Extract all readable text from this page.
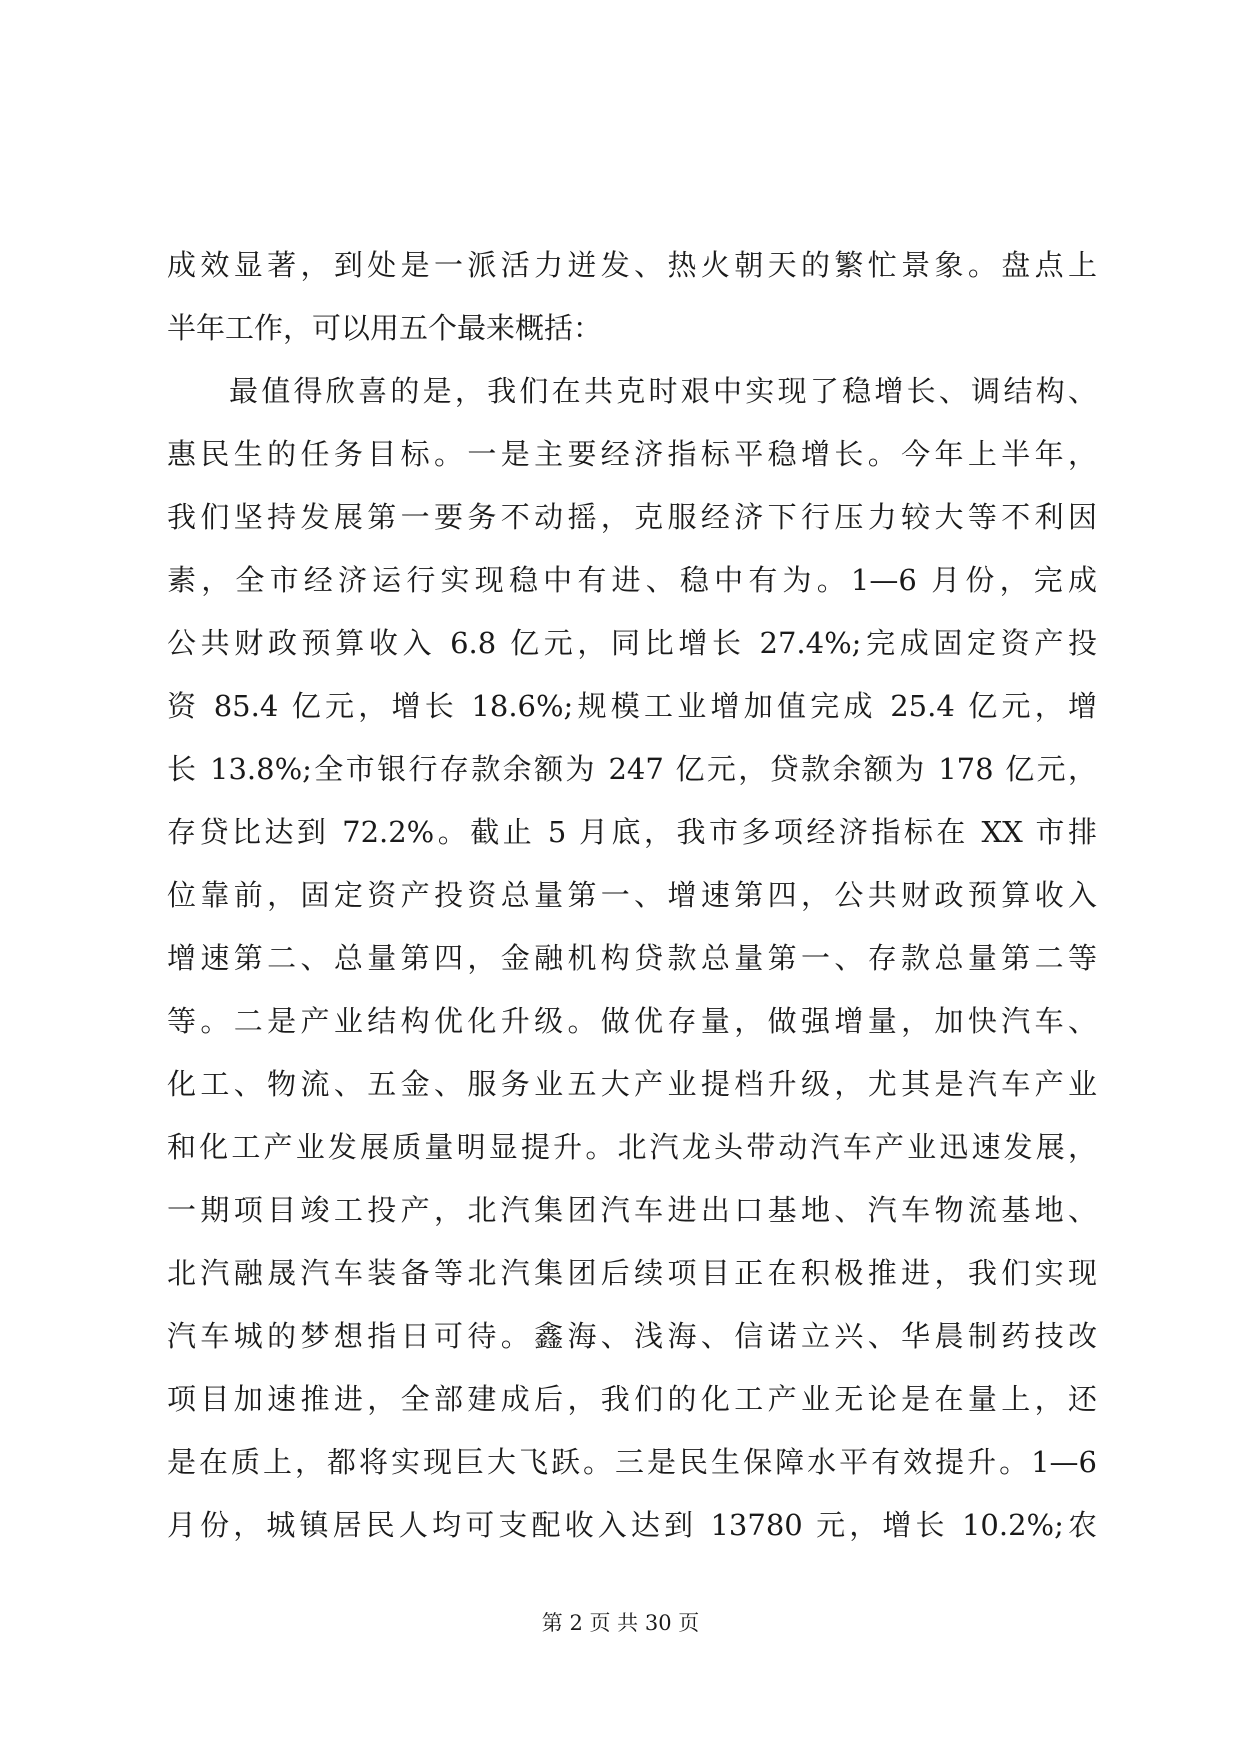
成效显著，到处是一派活力迸发、热火朝天的繁忙景象。盘点上
半年工作，可以用五个最来概括：
最值得欣喜的是，我们在共克时艰中实现了稳增长、调结构、
惠民生的任务目标。一是主要经济指标平稳增长。今年上半年，
我们坚持发展第一要务不动摇，克服经济下行压力较大等不利因
素，全市经济运行实现稳中有进、稳中有为。1—6 月份，完成
公共财政预算收入 6.8 亿元，同比增长 27.4%;完成固定资产投
资 85.4 亿元，增长 18.6%;规模工业增加值完成 25.4 亿元，增
长 13.8%;全市银行存款余额为 247 亿元，贷款余额为 178 亿元，
存贷比达到 72.2%。截止 5 月底，我市多项经济指标在 XX 市排
位靠前，固定资产投资总量第一、增速第四，公共财政预算收入
增速第二、总量第四，金融机构贷款总量第一、存款总量第二等
等。二是产业结构优化升级。做优存量，做强增量，加快汽车、
化工、物流、五金、服务业五大产业提档升级，尤其是汽车产业
和化工产业发展质量明显提升。北汽龙头带动汽车产业迅速发展，
一期项目竣工投产，北汽集团汽车进出口基地、汽车物流基地、
北汽融晟汽车装备等北汽集团后续项目正在积极推进，我们实现
汽车城的梦想指日可待。鑫海、浅海、信诺立兴、华晨制药技改
项目加速推进，全部建成后，我们的化工产业无论是在量上，还
是在质上，都将实现巨大飞跃。三是民生保障水平有效提升。1—6
月份，城镇居民人均可支配收入达到 13780 元，增长 10.2%;农
第 2 页 共 30 页
